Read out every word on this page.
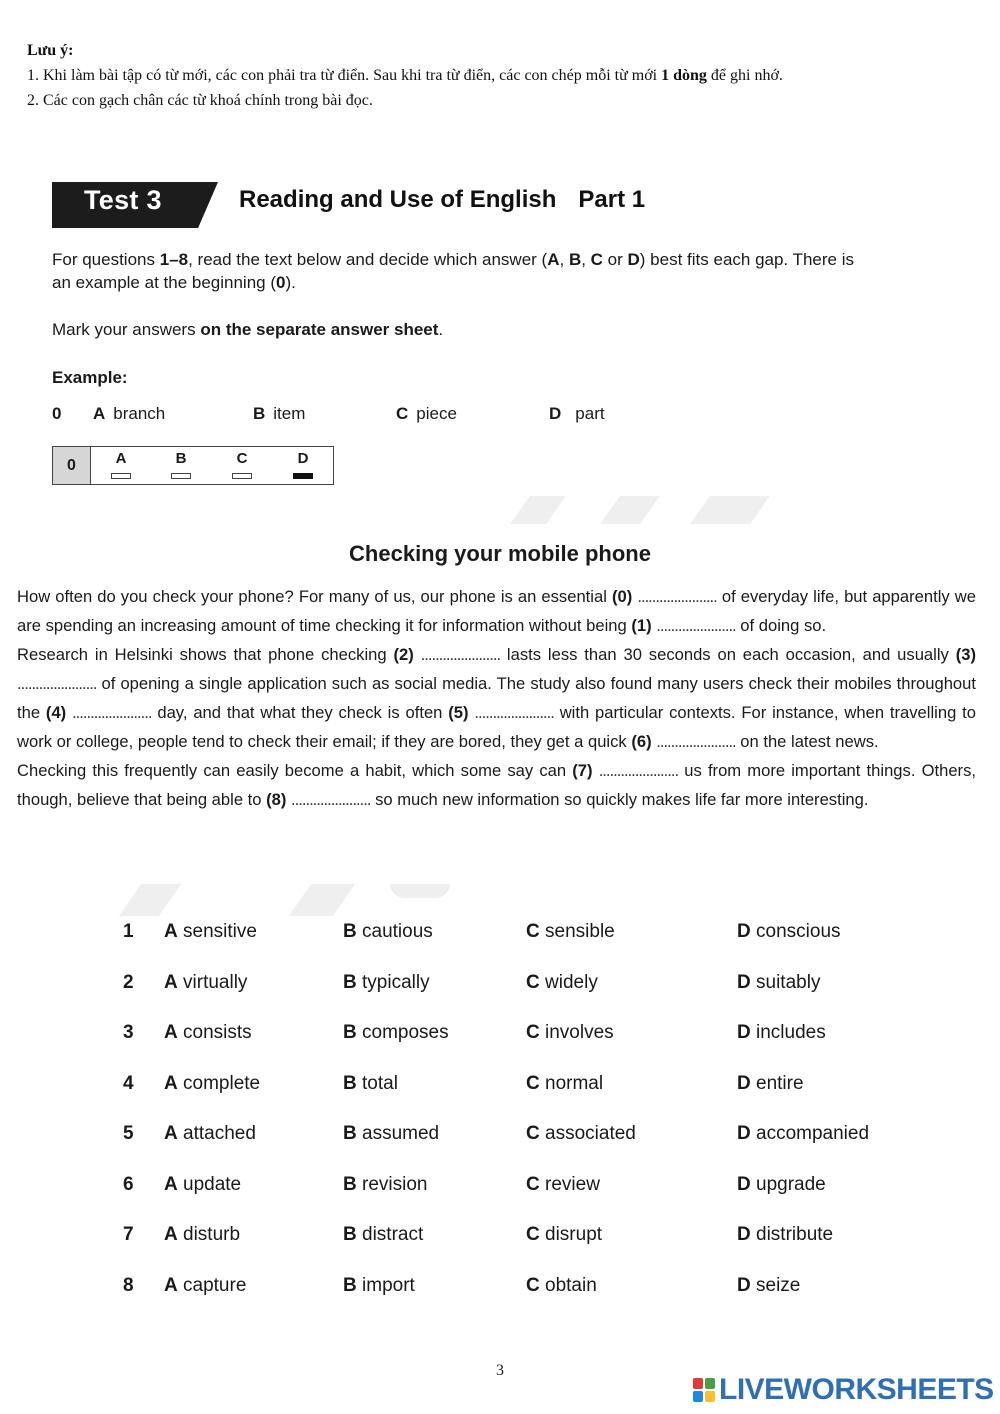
Lưu ý:
1. Khi làm bài tập có từ mới, các con phải tra từ điển. Sau khi tra từ điển, các con chép mỗi từ mới 1 dòng để ghi nhớ.
2. Các con gạch chân các từ khoá chính trong bài đọc.
Test 3	Reading and Use of English Part 1
For questions 1–8, read the text below and decide which answer (A, B, C or D) best fits each gap. There is
an example at the beginning (0).
Mark your answers on the separate answer sheet.
Example:
0 A branch	B item	C piece	D part
0	A	B	C	D
Checking your mobile phone

How often do you check your phone? For many of us, our phone is an essential (0) ...................... of everyday life, but apparently we are spending an increasing amount of time checking it for information without being (1) ...................... of doing so.

Research in Helsinki shows that phone checking (2) ...................... lasts less than 30 seconds on each occasion, and usually (3) ...................... of opening a single application such as social media. The study also found many users check their mobiles throughout the (4) ...................... day, and that what they check is often (5) ...................... with particular contexts. For instance, when travelling to work or college, people tend to check their email; if they are bored, they get a quick (6) ...................... on the latest news.

Checking this frequently can easily become a habit, which some say can (7) ...................... us from more important things. Others, though, believe that being able to (8) ...................... so much new information so quickly makes life far more interesting.

1 A sensitive	B cautious	C sensible	D conscious
2 A virtually	B typically	C widely	D suitably
3 A consists	B composes	C involves	D includes
4 A complete	B total	C normal	D entire
5 A attached	B assumed	C associated	D accompanied
6 A update	B revision	C review	D upgrade
7 A disturb	B distract	C disrupt	D distribute
8 A capture	B import	C obtain	D seize
3
LIVEWORKSHEETS
